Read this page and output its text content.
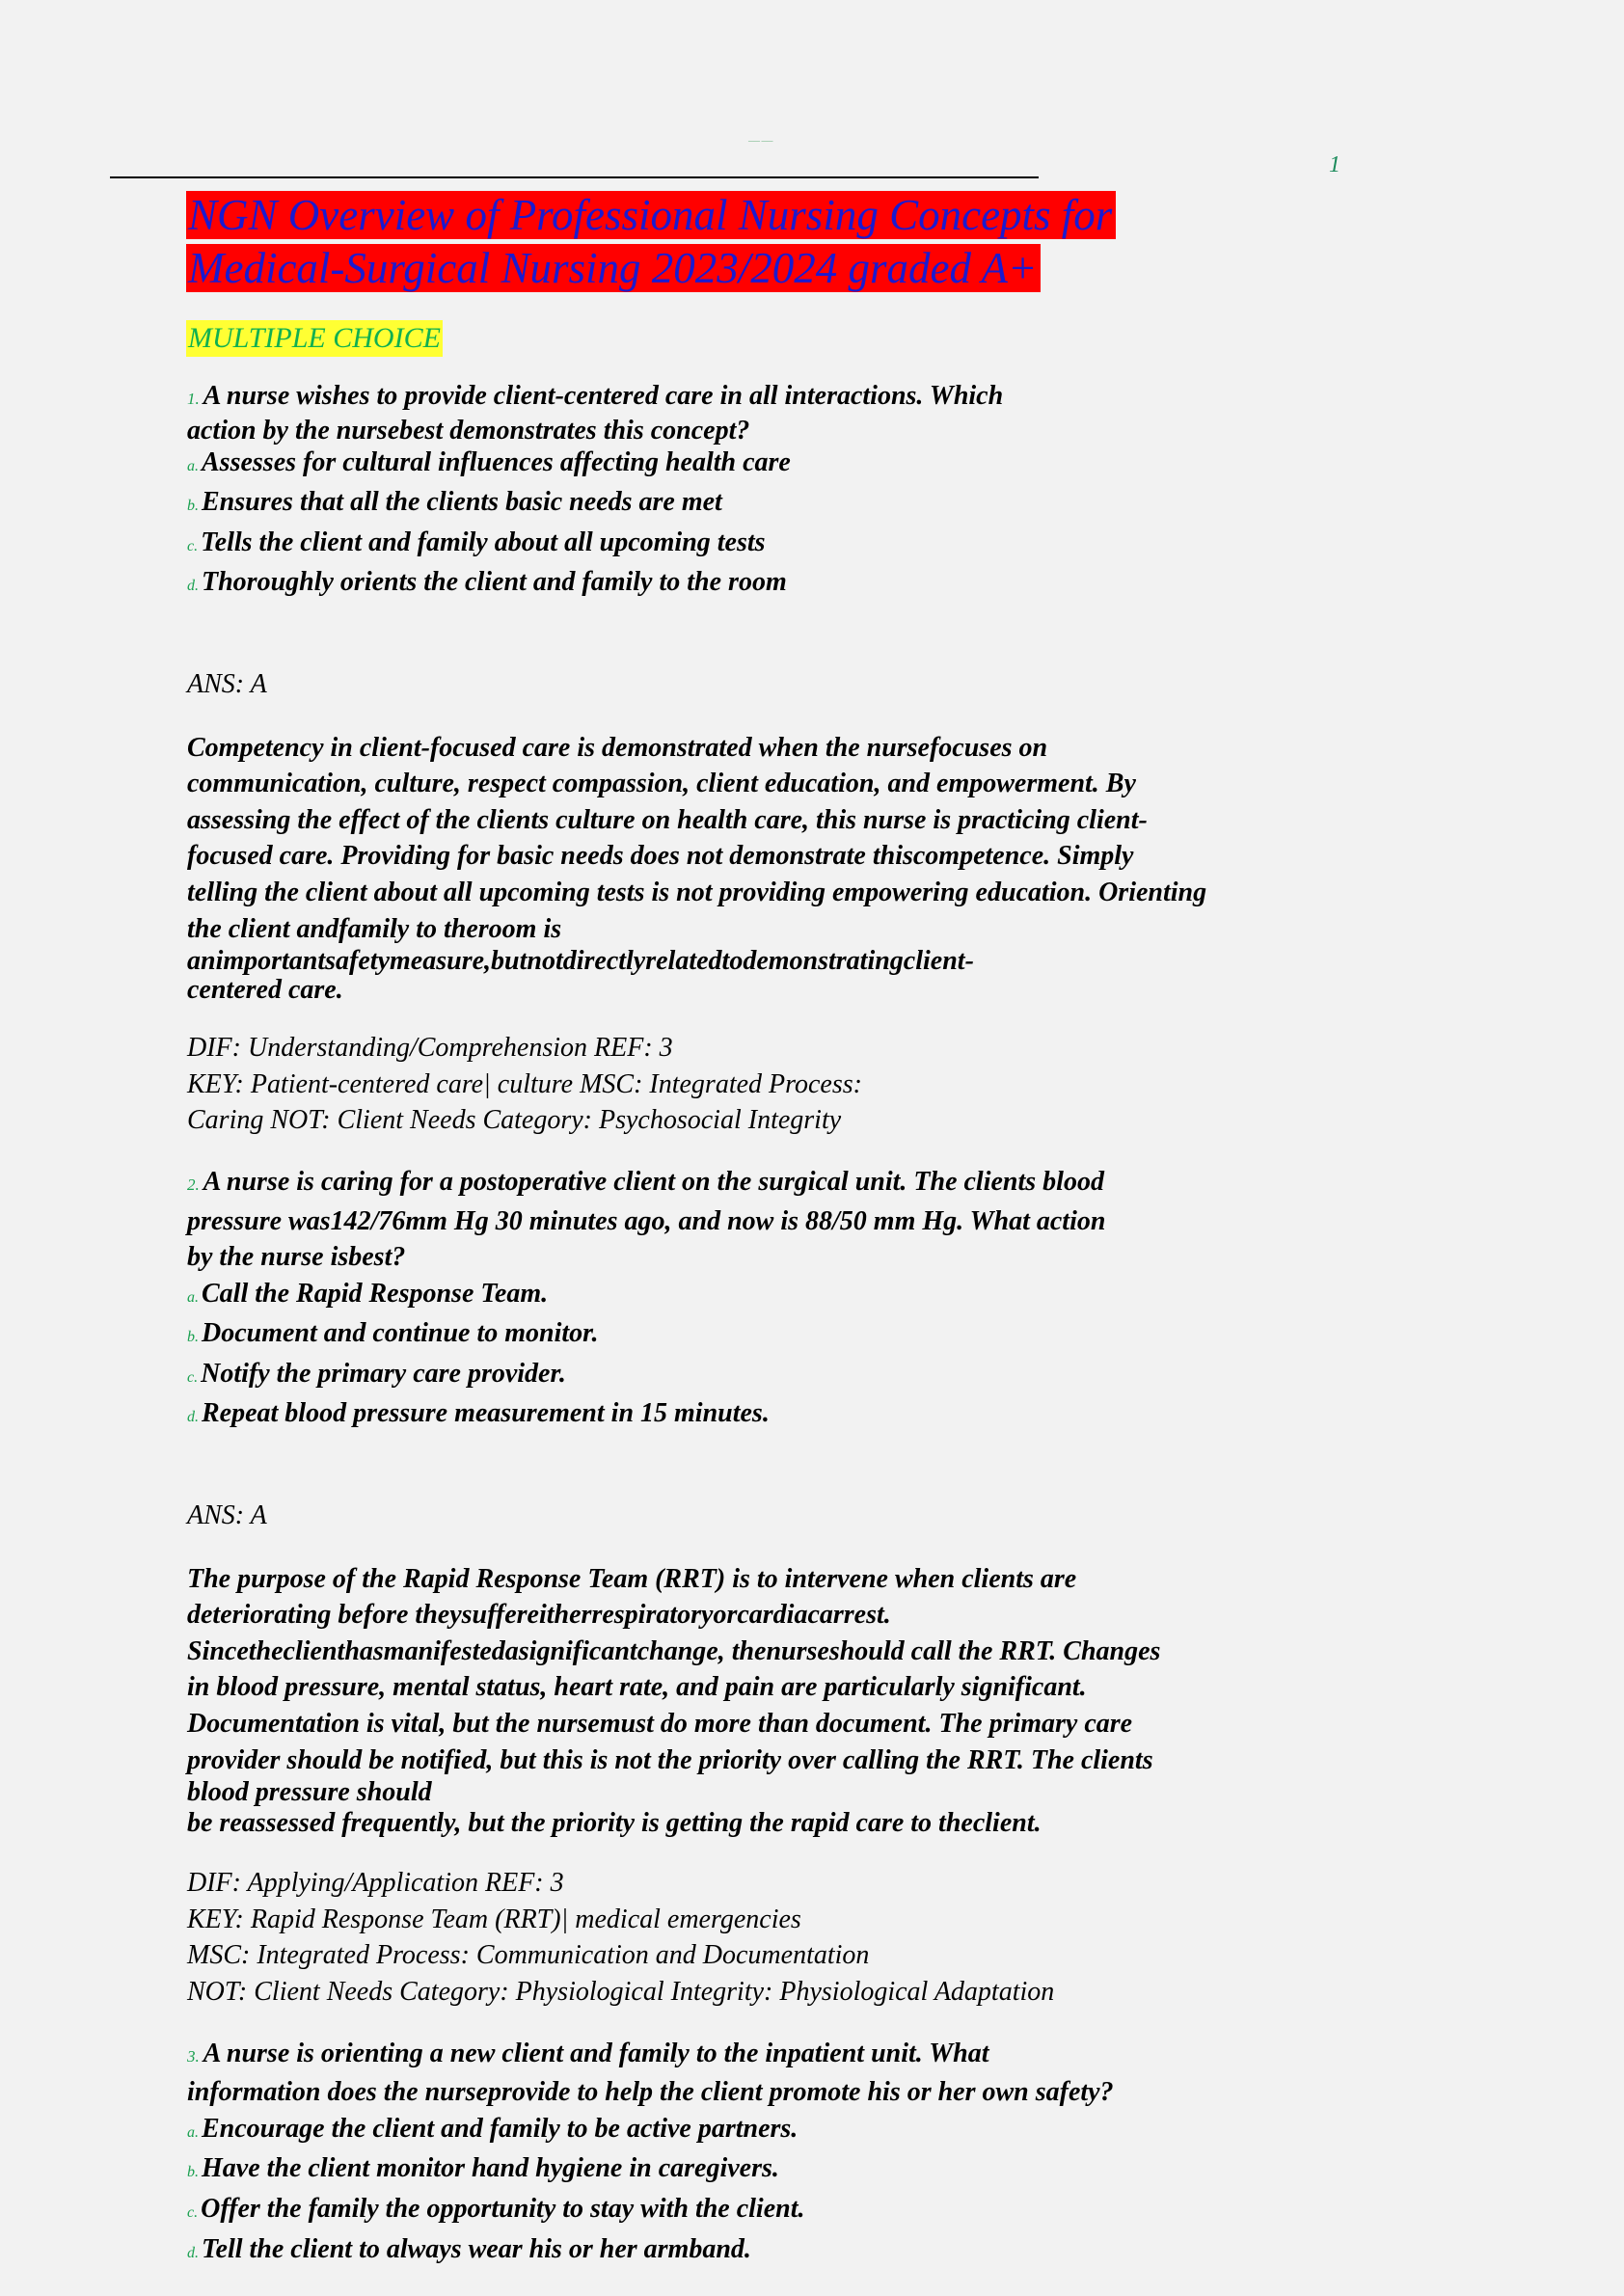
—— ——
1
NGN Overview of Professional Nursing Concepts for
Medical-Surgical Nursing 2023/2024 graded A+
MULTIPLE CHOICE

1. A nurse wishes to provide client-centered care in all interactions. Which

action by the nursebest demonstrates this concept?

a. Assesses for cultural influences affecting health care

b. Ensures that all the clients basic needs are met

c. Tells the client and family about all upcoming tests

d. Thoroughly orients the client and family to the room

ANS: A

Competency in client-focused care is demonstrated when the nursefocuses on
communication, culture, respect compassion, client education, and empowerment. By
assessing the effect of the clients culture on health care, this nurse is practicing client-
focused care. Providing for basic needs does not demonstrate thiscompetence. Simply
telling the client about all upcoming tests is not providing empowering education. Orienting
the client andfamily to theroom is
animportantsafetymeasure,butnotdirectlyrelatedtodemonstratingclient-
centered care.
DIF: Understanding/Comprehension REF: 3
KEY: Patient-centered care| culture MSC: Integrated Process:
Caring NOT: Client Needs Category: Psychosocial Integrity

2. A nurse is caring for a postoperative client on the surgical unit. The clients blood

pressure was142/76mm Hg 30 minutes ago, and now is 88/50 mm Hg. What action

by the nurse isbest?

a. Call the Rapid Response Team.

b. Document and continue to monitor.

c. Notify the primary care provider.

d. Repeat blood pressure measurement in 15 minutes.

ANS: A

The purpose of the Rapid Response Team (RRT) is to intervene when clients are
deteriorating before theysuffereitherrespiratoryorcardiacarrest.
Sincetheclienthasmanifestedasignificantchange, thenurseshould call the RRT. Changes
in blood pressure, mental status, heart rate, and pain are particularly significant.
Documentation is vital, but the nursemust do more than document. The primary care
provider should be notified, but this is not the priority over calling the RRT. The clients
blood pressure should
be reassessed frequently, but the priority is getting the rapid care to theclient.
DIF: Applying/Application REF: 3
KEY: Rapid Response Team (RRT)| medical emergencies
MSC: Integrated Process: Communication and Documentation
NOT: Client Needs Category: Physiological Integrity: Physiological Adaptation

3. A nurse is orienting a new client and family to the inpatient unit. What

information does the nurseprovide to help the client promote his or her own safety?

a. Encourage the client and family to be active partners.

b. Have the client monitor hand hygiene in caregivers.

c. Offer the family the opportunity to stay with the client.

d. Tell the client to always wear his or her armband.
